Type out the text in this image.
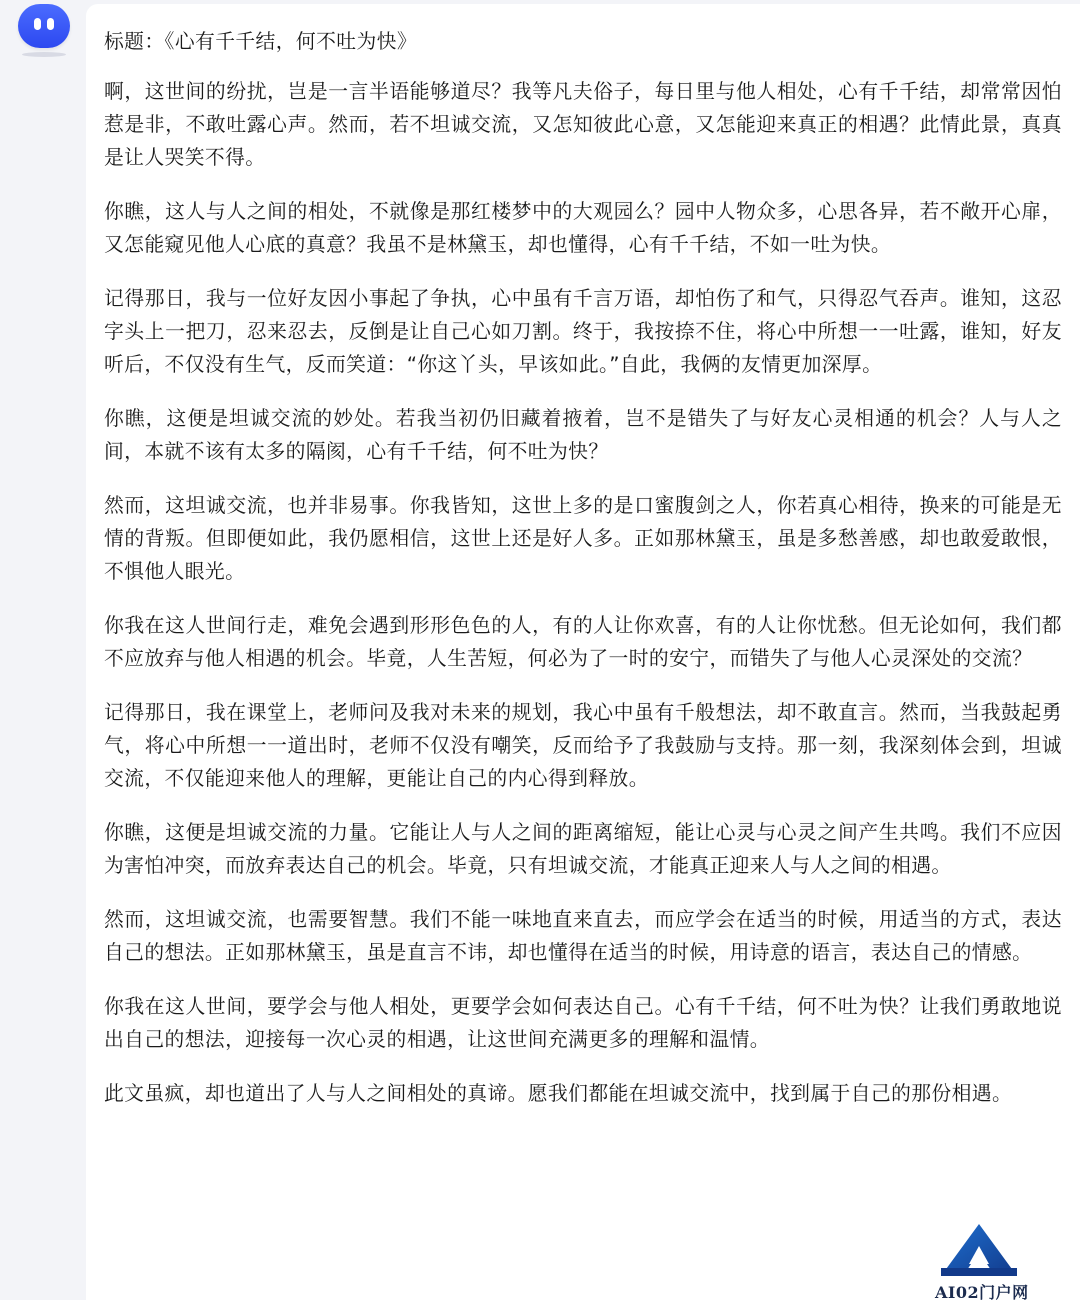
标题：《心有千千结，何不吐为快》

啊，这世间的纷扰，岂是一言半语能够道尽？我等凡夫俗子，每日里与他人相处，心有千千结，却常常因怕惹是非，不敢吐露心声。然而，若不坦诚交流，又怎知彼此心意，又怎能迎来真正的相遇？此情此景，真真是让人哭笑不得。

你瞧，这人与人之间的相处，不就像是那红楼梦中的大观园么？园中人物众多，心思各异，若不敞开心扉，又怎能窥见他人心底的真意？我虽不是林黛玉，却也懂得，心有千千结，不如一吐为快。

记得那日，我与一位好友因小事起了争执，心中虽有千言万语，却怕伤了和气，只得忍气吞声。谁知，这忍字头上一把刀，忍来忍去，反倒是让自己心如刀割。终于，我按捺不住，将心中所想一一吐露，谁知，好友听后，不仅没有生气，反而笑道：“你这丫头，早该如此。”自此，我俩的友情更加深厚。

你瞧，这便是坦诚交流的妙处。若我当初仍旧藏着掖着，岂不是错失了与好友心灵相通的机会？人与人之间，本就不该有太多的隔阂，心有千千结，何不吐为快？

然而，这坦诚交流，也并非易事。你我皆知，这世上多的是口蜜腹剑之人，你若真心相待，换来的可能是无情的背叛。但即便如此，我仍愿相信，这世上还是好人多。正如那林黛玉，虽是多愁善感，却也敢爱敢恨，不惧他人眼光。

你我在这人世间行走，难免会遇到形形色色的人，有的人让你欢喜，有的人让你忧愁。但无论如何，我们都不应放弃与他人相遇的机会。毕竟，人生苦短，何必为了一时的安宁，而错失了与他人心灵深处的交流？

记得那日，我在课堂上，老师问及我对未来的规划，我心中虽有千般想法，却不敢直言。然而，当我鼓起勇气，将心中所想一一道出时，老师不仅没有嘲笑，反而给予了我鼓励与支持。那一刻，我深刻体会到，坦诚交流，不仅能迎来他人的理解，更能让自己的内心得到释放。

你瞧，这便是坦诚交流的力量。它能让人与人之间的距离缩短，能让心灵与心灵之间产生共鸣。我们不应因为害怕冲突，而放弃表达自己的机会。毕竟，只有坦诚交流，才能真正迎来人与人之间的相遇。

然而，这坦诚交流，也需要智慧。我们不能一味地直来直去，而应学会在适当的时候，用适当的方式，表达自己的想法。正如那林黛玉，虽是直言不讳，却也懂得在适当的时候，用诗意的语言，表达自己的情感。

你我在这人世间，要学会与他人相处，更要学会如何表达自己。心有千千结，何不吐为快？让我们勇敢地说出自己的想法，迎接每一次心灵的相遇，让这世间充满更多的理解和温情。

此文虽疯，却也道出了人与人之间相处的真谛。愿我们都能在坦诚交流中，找到属于自己的那份相遇。

AI02门户网
